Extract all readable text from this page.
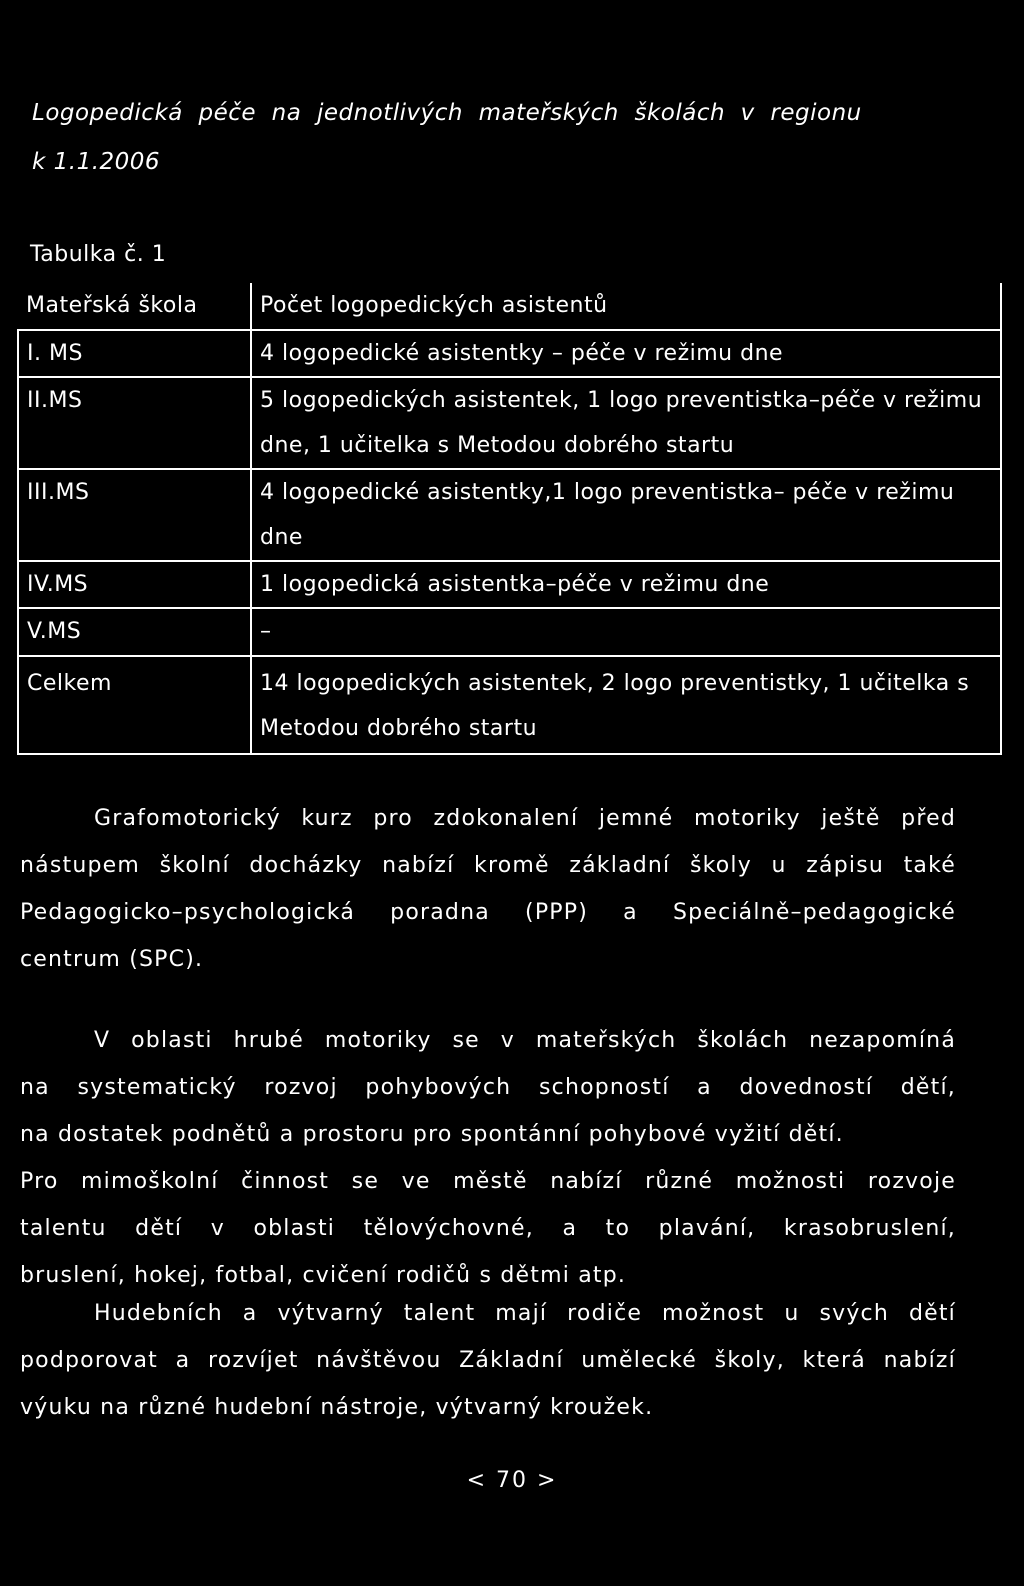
Logopedická  péče  na  jednotlivých  mateřských  školách  v  regionu
k 1.1.2006
Tabulka č. 1
Mateřská škola	Počet logopedických asistentů
I. MS	4 logopedické asistentky – péče v režimu dne
II.MS	5 logopedických asistentek, 1 logo preventistka–péče v režimu dne, 1 učitelka s Metodou dobrého startu
III.MS	4 logopedické asistentky,1 logo preventistka– péče v režimu dne
IV.MS	1 logopedická asistentka–péče v režimu dne
V.MS	–
Celkem	14 logopedických asistentek, 2 logo preventistky, 1 učitelka s Metodou dobrého startu
Grafomotorický kurz pro zdokonalení jemné motoriky ještě před
nástupem školní docházky nabízí kromě základní školy u zápisu také
Pedagogicko–psychologická poradna (PPP) a Speciálně–pedagogické
centrum (SPC).
V oblasti hrubé motoriky se v mateřských školách nezapomíná
na systematický rozvoj pohybových schopností a dovedností dětí,
na dostatek podnětů a prostoru pro spontánní pohybové vyžití dětí.
Pro mimoškolní činnost se ve městě nabízí různé možnosti rozvoje
talentu dětí v oblasti tělovýchovné, a to plavání, krasobruslení,
bruslení, hokej, fotbal, cvičení rodičů s dětmi atp.
Hudebních a výtvarný talent mají rodiče možnost u svých dětí
podporovat a rozvíjet návštěvou Základní umělecké školy, která nabízí
výuku na různé hudební nástroje, výtvarný kroužek.
< 70 >
